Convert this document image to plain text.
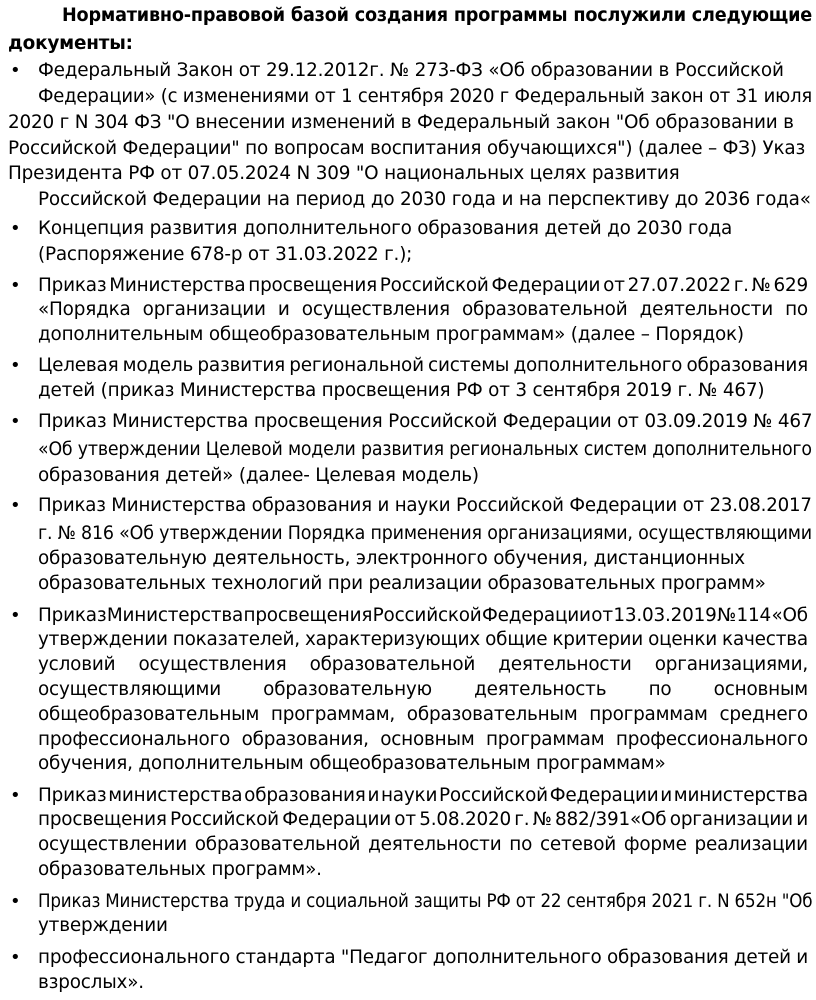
Нормативно-правовой базой создания программы послужили следующие
документы:
• Федеральный Закон от 29.12.2012г. № 273-ФЗ «Об образовании в Российской
Федерации» (с изменениями от 1 сентября 2020 г Федеральный закон от 31 июля
2020 г N 304 ФЗ "О внесении изменений в Федеральный закон "Об образовании в
Российской Федерации" по вопросам воспитания обучающихся") (далее – ФЗ) Указ
Президента РФ от 07.05.2024 N 309 "О национальных целях развития
Российской Федерации на период до 2030 года и на перспективу до 2036 года«
• Концепция развития дополнительного образования детей до 2030 года
(Распоряжение 678-р от 31.03.2022 г.);
• Приказ Министерства просвещения Российской Федерации от 27.07.2022 г. № 629
«Порядка организации и осуществления образовательной деятельности по
дополнительным общеобразовательным программам» (далее – Порядок)
• Целевая модель развития региональной системы дополнительного образования
детей (приказ Министерства просвещения РФ от 3 сентября 2019 г. № 467)
• Приказ Министерства просвещения Российской Федерации от 03.09.2019 № 467
«Об утверждении Целевой модели развития региональных систем дополнительного
образования детей» (далее- Целевая модель)
• Приказ Министерства образования и науки Российской Федерации от 23.08.2017
г. № 816 «Об утверждении Порядка применения организациями, осуществляющими
образовательную деятельность, электронного обучения, дистанционных
образовательных технологий при реализации образовательных программ»
• Приказ Министерства просвещения Российской Федерации от 13.03.2019 № 114 «Об
утверждении показателей, характеризующих общие критерии оценки качества
условий осуществления образовательной деятельности организациями,
осуществляющими образовательную деятельность по основным
общеобразовательным программам, образовательным программам среднего
профессионального образования, основным программам профессионального
обучения, дополнительным общеобразовательным программам»
• Приказ министерства образования и науки Российской Федерации и министерства
просвещения Российской Федерации от 5.08.2020 г. № 882/391«Об организации и
осуществлении образовательной деятельности по сетевой форме реализации
образовательных программ».
• Приказ Министерства труда и социальной защиты РФ от 22 сентября 2021 г. N 652н "Об
утверждении
• профессионального стандарта "Педагог дополнительного образования детей и
взрослых».
